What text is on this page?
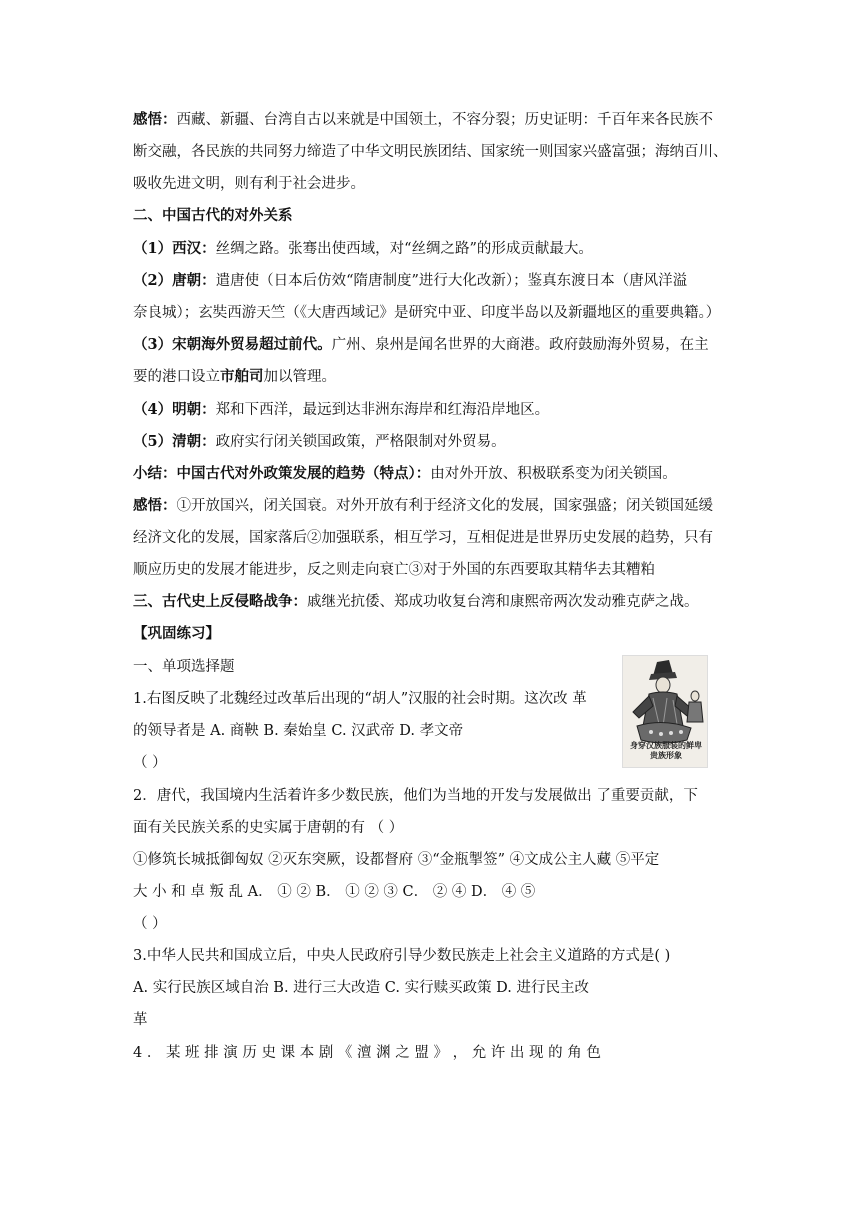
感悟：西藏、新疆、台湾自古以来就是中国领土，不容分裂；历史证明：千百年来各民族不
断交融，各民族的共同努力缔造了中华文明民族团结、国家统一则国家兴盛富强；海纳百川、
吸收先进文明，则有利于社会进步。
二、中国古代的对外关系
（1）西汉：丝绸之路。张骞出使西域，对“丝绸之路”的形成贡献最大。
（2）唐朝：遣唐使（日本后仿效“隋唐制度”进行大化改新）；鉴真东渡日本（唐风洋溢
奈良城）；玄奘西游天竺（《大唐西域记》是研究中亚、印度半岛以及新疆地区的重要典籍。）
（3）宋朝海外贸易超过前代。广州、泉州是闻名世界的大商港。政府鼓励海外贸易，在主
要的港口设立市舶司加以管理。
（4）明朝：郑和下西洋，最远到达非洲东海岸和红海沿岸地区。
（5）清朝：政府实行闭关锁国政策，严格限制对外贸易。
小结：中国古代对外政策发展的趋势（特点）：由对外开放、积极联系变为闭关锁国。
感悟：①开放国兴，闭关国衰。对外开放有利于经济文化的发展，国家强盛；闭关锁国延缓
经济文化的发展，国家落后②加强联系，相互学习，互相促进是世界历史发展的趋势，只有
顺应历史的发展才能进步，反之则走向衰亡③对于外国的东西要取其精华去其糟粕
三、古代史上反侵略战争：戚继光抗倭、郑成功收复台湾和康熙帝两次发动雅克萨之战。
【巩固练习】
一、单项选择题
1.右图反映了北魏经过改革后出现的“胡人”汉服的社会时期。这次改 革
的领导者是 A. 商鞅 B. 秦始皇 C. 汉武帝 D. 孝文帝
（ ）
2．唐代，我国境内生活着许多少数民族，他们为当地的开发与发展做出 了重要贡献，下
面有关民族关系的史实属于唐朝的有 （ ）
①修筑长城抵御匈奴 ②灭东突厥，设都督府 ③“金瓶掣签” ④文成公主人藏 ⑤平定
大 小 和 卓 叛 乱 A． ① ② B． ① ② ③ C． ② ④ D． ④ ⑤
（ ）
3.中华人民共和国成立后，中央人民政府引导少数民族走上社会主义道路的方式是( )
A. 实行民族区域自治 B. 进行三大改造 C. 实行赎买政策 D. 进行民主改
革
4 ． 某 班 排 演 历 史 课 本 剧 《 澶 渊 之 盟 》 ， 允 许 出 现 的 角 色
身穿汉族服装的鲜卑贵族形象
